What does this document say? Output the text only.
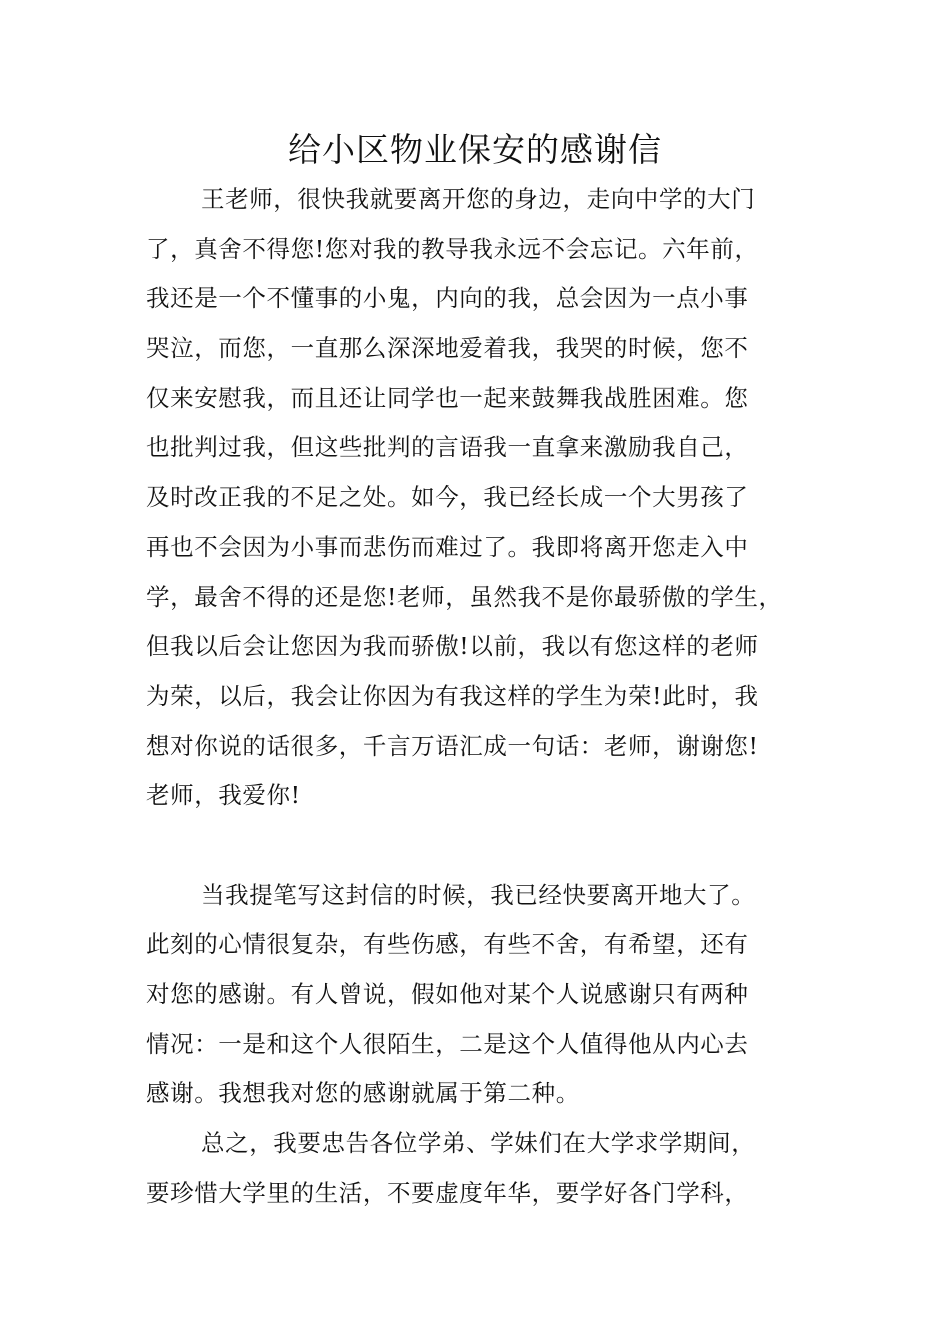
给小区物业保安的感谢信
王老师，很快我就要离开您的身边，走向中学的大门
了，真舍不得您!您对我的教导我永远不会忘记。六年前，
我还是一个不懂事的小鬼，内向的我，总会因为一点小事
哭泣，而您，一直那么深深地爱着我，我哭的时候，您不
仅来安慰我，而且还让同学也一起来鼓舞我战胜困难。您
也批判过我，但这些批判的言语我一直拿来激励我自己，
及时改正我的不足之处。如今，我已经长成一个大男孩了
再也不会因为小事而悲伤而难过了。我即将离开您走入中
学，最舍不得的还是您!老师，虽然我不是你最骄傲的学生，
但我以后会让您因为我而骄傲!以前，我以有您这样的老师
为荣，以后，我会让你因为有我这样的学生为荣!此时，我
想对你说的话很多，千言万语汇成一句话：老师，谢谢您!
老师，我爱你!
当我提笔写这封信的时候，我已经快要离开地大了。
此刻的心情很复杂，有些伤感，有些不舍，有希望，还有
对您的感谢。有人曾说，假如他对某个人说感谢只有两种
情况：一是和这个人很陌生，二是这个人值得他从内心去
感谢。我想我对您的感谢就属于第二种。
总之，我要忠告各位学弟、学妹们在大学求学期间，
要珍惜大学里的生活，不要虚度年华，要学好各门学科，
